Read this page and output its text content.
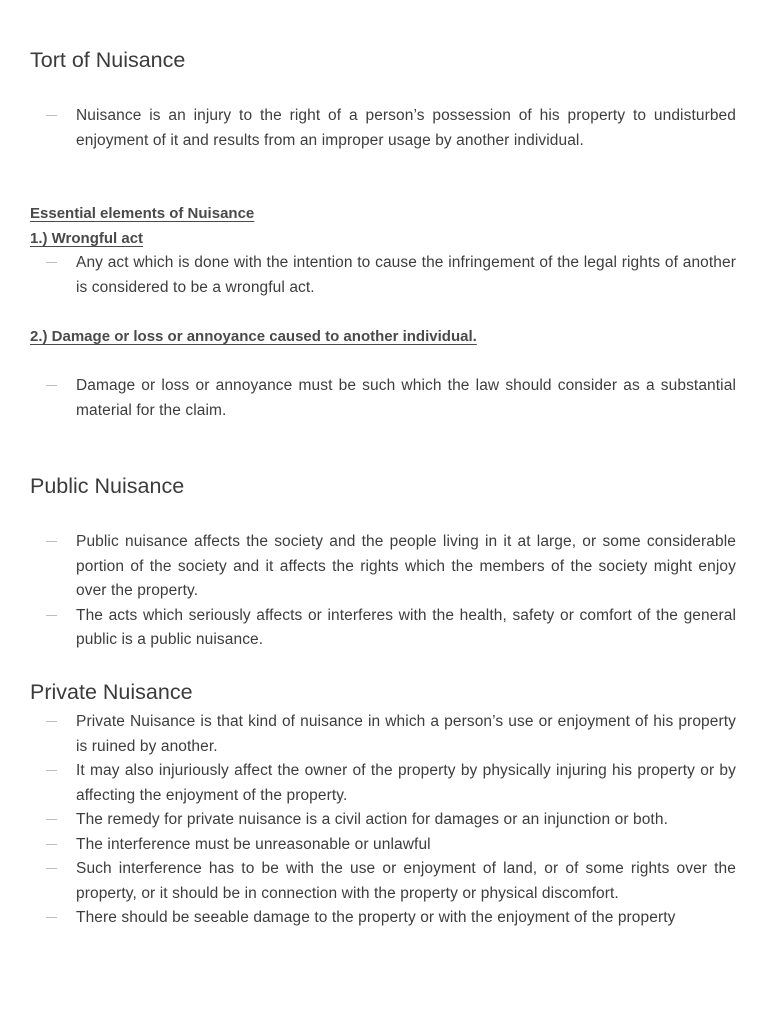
Tort of Nuisance
Nuisance is an injury to the right of a person’s possession of his property to undisturbed enjoyment of it and results from an improper usage by another individual.

Essential elements of Nuisance

1.) Wrongful act

Any act which is done with the intention to cause the infringement of the legal rights of another is considered to be a wrongful act.

2.) Damage or loss or annoyance caused to another individual.

Damage or loss or annoyance must be such which the law should consider as a substantial material for the claim.
Public Nuisance
Public nuisance affects the society and the people living in it at large, or some considerable portion of the society and it affects the rights which the members of the society might enjoy over the property.
The acts which seriously affects or interferes with the health, safety or comfort of the general public is a public nuisance.
Private Nuisance
Private Nuisance is that kind of nuisance in which a person’s use or enjoyment of his property is ruined by another.
It may also injuriously affect the owner of the property by physically injuring his property or by affecting the enjoyment of the property.
The remedy for private nuisance is a civil action for damages or an injunction or both.
The interference must be unreasonable or unlawful
Such interference has to be with the use or enjoyment of land, or of some rights over the property, or it should be in connection with the property or physical discomfort.
There should be seeable damage to the property or with the enjoyment of the property
